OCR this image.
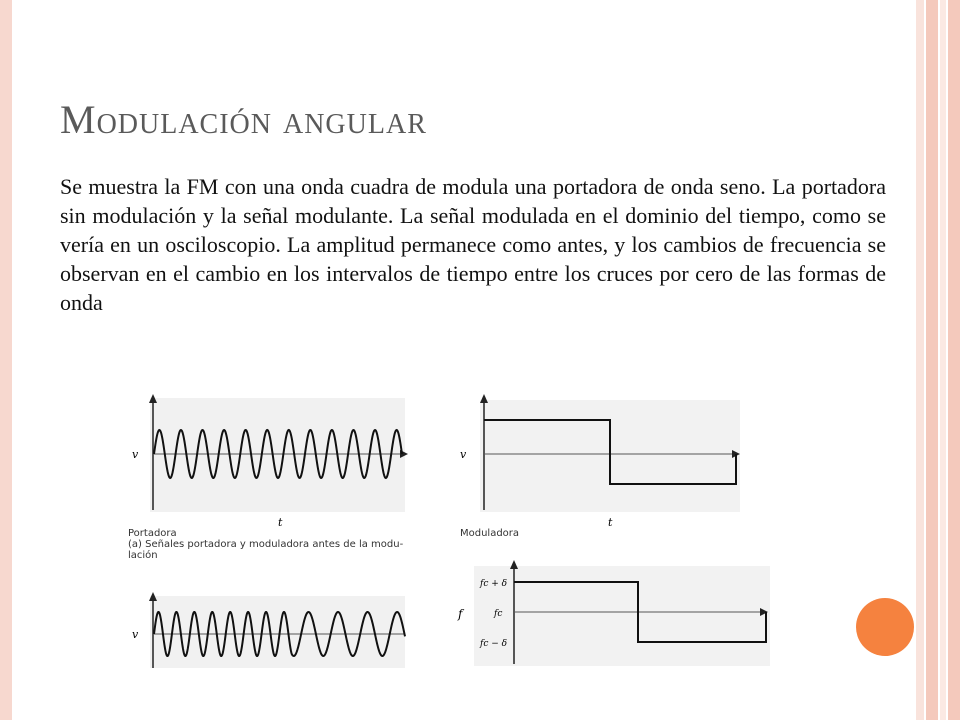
Modulación angular
Se muestra la FM con una onda cuadra de modula una portadora de onda seno. La portadora sin modulación y la señal modulante. La señal modulada en el dominio del tiempo, como se vería en un osciloscopio. La amplitud permanece como antes, y los cambios de frecuencia se observan en el cambio en los intervalos de tiempo entre los cruces por cero de las formas de onda
v
t
v
t
Portadora
(a) Señales portadora y moduladora antes de la modu-
lación
Moduladora
v
f
fc + δ
fc
fc − δ
